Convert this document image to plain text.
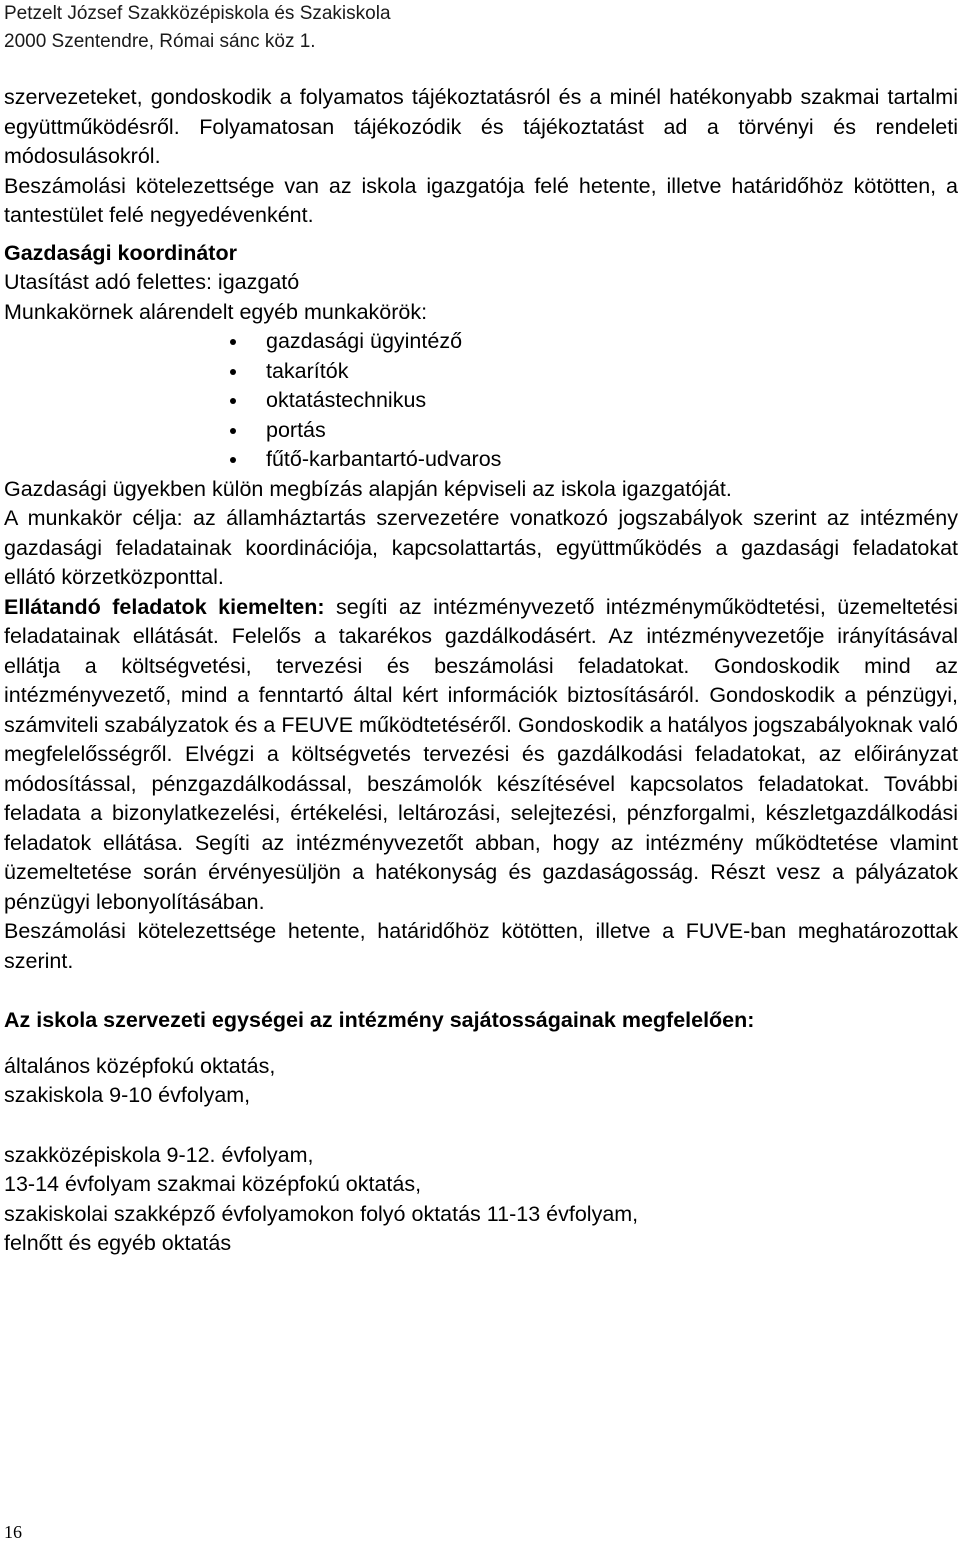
Petzelt József Szakközépiskola és Szakiskola
2000 Szentendre, Római sánc köz 1.

szervezeteket, gondoskodik a folyamatos tájékoztatásról és a minél hatékonyabb szakmai tartalmi együttműködésről. Folyamatosan tájékozódik és tájékoztatást ad a törvényi és rendeleti módosulásokról.

Beszámolási kötelezettsége van az iskola igazgatója felé hetente, illetve határidőhöz kötötten, a tantestület felé negyedévenként.

Gazdasági koordinátor

Utasítást adó felettes: igazgató

Munkakörnek alárendelt egyéb munkakörök:

gazdasági ügyintéző
takarítók
oktatástechnikus
portás
fűtő-karbantartó-udvaros

Gazdasági ügyekben külön megbízás alapján képviseli az iskola igazgatóját.

A munkakör célja: az államháztartás szervezetére vonatkozó jogszabályok szerint az intézmény gazdasági feladatainak koordinációja, kapcsolattartás, együttműködés a gazdasági feladatokat ellátó körzetközponttal.

Ellátandó feladatok kiemelten: segíti az intézményvezető intézményműködtetési, üzemeltetési feladatainak ellátását. Felelős a takarékos gazdálkodásért. Az intézményvezetője irányításával ellátja a költségvetési, tervezési és beszámolási feladatokat. Gondoskodik mind az intézményvezető, mind a fenntartó által kért információk biztosításáról. Gondoskodik a pénzügyi, számviteli szabályzatok és a FEUVE működtetéséről. Gondoskodik a hatályos jogszabályoknak való megfelelősségről. Elvégzi a költségvetés tervezési és gazdálkodási feladatokat, az előirányzat módosítással, pénzgazdálkodással, beszámolók készítésével kapcsolatos feladatokat. További feladata a bizonylatkezelési, értékelési, leltározási, selejtezési, pénzforgalmi, készletgazdálkodási feladatok ellátása. Segíti az intézményvezetőt abban, hogy az intézmény működtetése vlamint üzemeltetése során érvényesüljön a hatékonyság és gazdaságosság. Részt vesz a pályázatok pénzügyi lebonyolításában.

Beszámolási kötelezettsége hetente, határidőhöz kötötten, illetve a FUVE-ban meghatározottak szerint.

Az iskola szervezeti egységei az intézmény sajátosságainak megfelelően:

általános középfokú oktatás,

szakiskola 9-10 évfolyam,

szakközépiskola 9-12. évfolyam,

13-14 évfolyam szakmai középfokú oktatás,

szakiskolai szakképző évfolyamokon folyó oktatás 11-13 évfolyam,

felnőtt és egyéb oktatás

16
